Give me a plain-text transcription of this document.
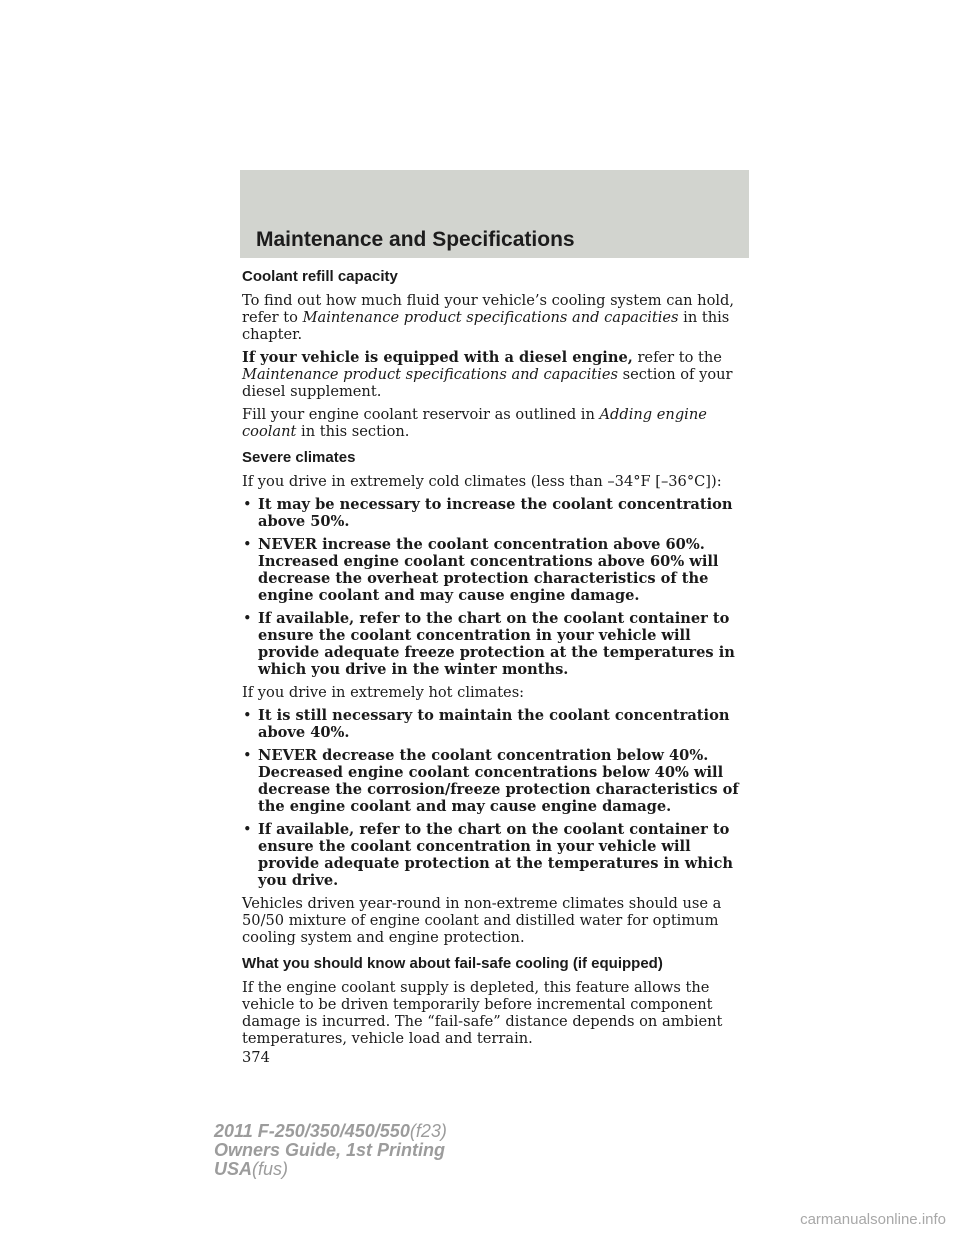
Maintenance and Specifications
Coolant refill capacity

To find out how much fluid your vehicle’s cooling system can hold, refer to Maintenance product specifications and capacities in this chapter.

If your vehicle is equipped with a diesel engine, refer to the Maintenance product specifications and capacities section of your diesel supplement.

Fill your engine coolant reservoir as outlined in Adding engine coolant in this section.

Severe climates

If you drive in extremely cold climates (less than –34°F [–36°C]):

• It may be necessary to increase the coolant concentration above 50%.
• NEVER increase the coolant concentration above 60%. Increased engine coolant concentrations above 60% will decrease the overheat protection characteristics of the engine coolant and may cause engine damage.
• If available, refer to the chart on the coolant container to ensure the coolant concentration in your vehicle will provide adequate freeze protection at the temperatures in which you drive in the winter months.

If you drive in extremely hot climates:

• It is still necessary to maintain the coolant concentration above 40%.
• NEVER decrease the coolant concentration below 40%. Decreased engine coolant concentrations below 40% will decrease the corrosion/freeze protection characteristics of the engine coolant and may cause engine damage.
• If available, refer to the chart on the coolant container to ensure the coolant concentration in your vehicle will provide adequate protection at the temperatures in which you drive.

Vehicles driven year-round in non-extreme climates should use a 50/50 mixture of engine coolant and distilled water for optimum cooling system and engine protection.

What you should know about fail-safe cooling (if equipped)

If the engine coolant supply is depleted, this feature allows the vehicle to be driven temporarily before incremental component damage is incurred. The “fail-safe” distance depends on ambient temperatures, vehicle load and terrain.

374
2011 F-250/350/450/550(f23)
Owners Guide, 1st Printing
USA(fus)
carmanualsonline.info
